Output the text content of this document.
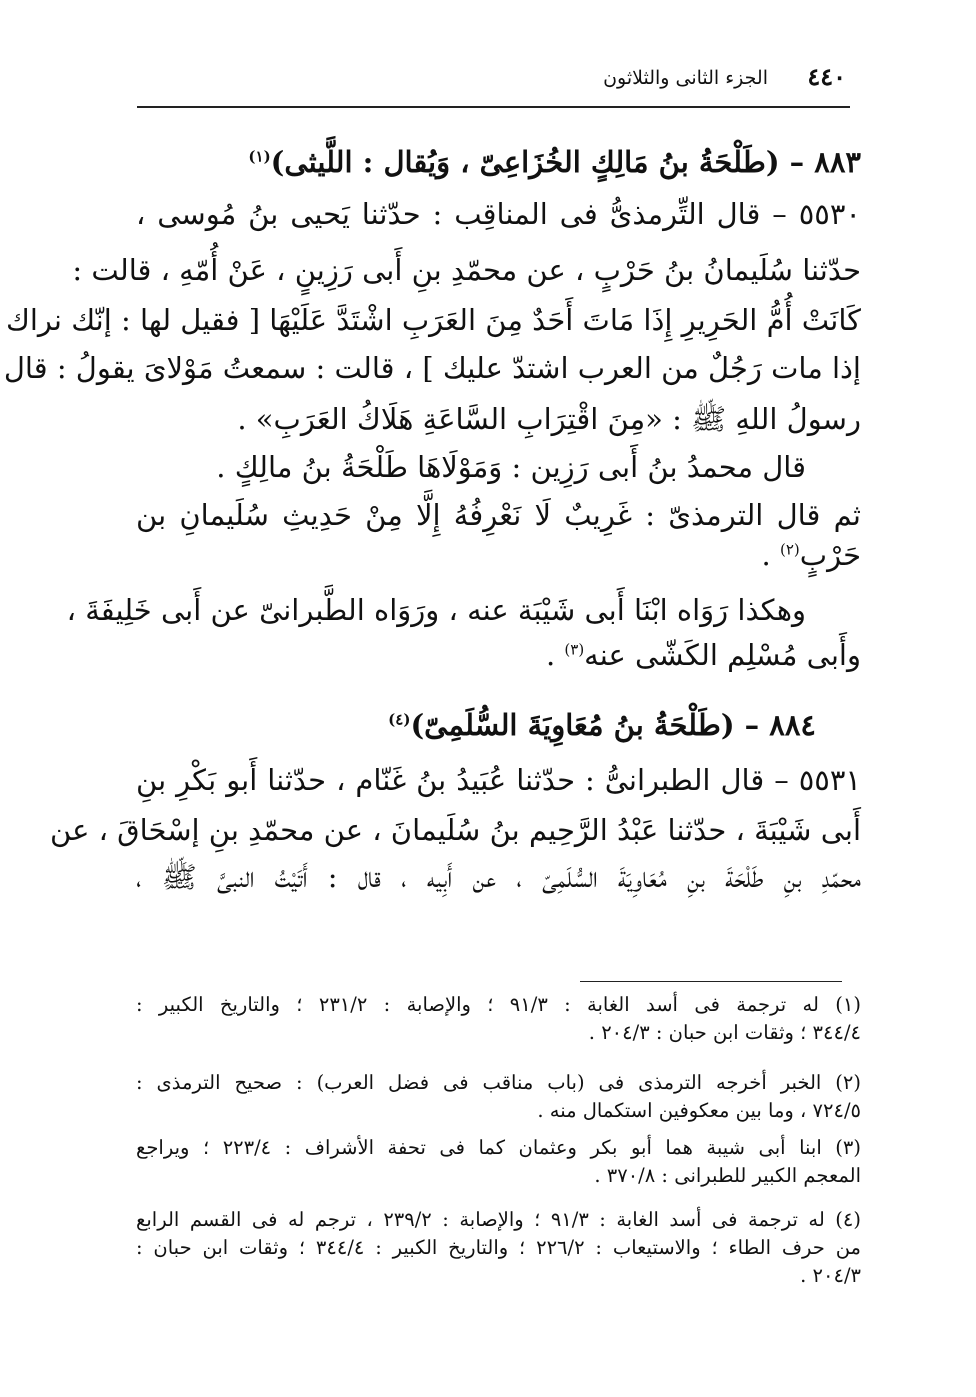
٤٤٠
الجزء الثانى والثلاثون
٨٨٣ – (طَلْحَةُ بنُ مَالِكٍ الخُزَاعِىّ ، وَيُقال : اللَّيثى)$^{(١)}$
٥٥٣٠ – قال التِّرمذىُّ فى المناقِب : حدّثنا يَحيى بنُ مُوسى ،
حدّثنا سُلَيمانُ بنُ حَرْبٍ ، عن محمّدِ بنِ أَبى رَزِينٍ ، عَنْ أُمّهِ ، قالت :
كَانَتْ أُمُّ الحَرِيرِ إِذَا مَاتَ أَحَدٌ مِنَ العَرَبِ اشْتَدَّ عَلَيْهَا [ فقيل لها : إنّك نراك
إذا مات رَجُلٌ من العرب اشتدّ عليك ] ، قالت : سمعتُ مَوْلاىَ يقولُ : قال
رسولُ اللهِ ﷺ : «مِنَ اقْتِرَابِ السَّاعَةِ هَلَاكُ العَرَبِ» .
قال محمدُ بنُ أَبى رَزِين : وَمَوْلَاهَا طَلْحَةُ بنُ مالِكٍ .
ثم قال الترمذىّ : غَرِيبٌ لَا نَعْرِفُهُ إِلَّا مِنْ حَدِيثِ سُلَيمانِ بن
حَرْبٍ$^{(٢)}$ .
وهكذا رَوَاه ابْنَا أَبى شَيْبَة عنه ، ورَوَاه الطَّبرانىّ عن أَبى خَلِيفَةَ ،
وأَبى مُسْلِم الكَشّى عنه$^{(٣)}$ .
٨٨٤ – (طَلْحَةُ بنُ مُعَاوِيَةَ السُّلَمِىّ)$^{(٤)}$
٥٥٣١ – قال الطبرانىُّ : حدّثنا عُبَيدُ بنُ غَنّام ، حدّثنا أَبو بَكْرِ بنِ
أَبى شَيْبَةَ ، حدّثنا عَبْدُ الرَّحِيم بنُ سُلَيمانَ ، عن محمّدِ بنِ إسْحَاقَ ، عن
محمّدِ بنِ طَلْحَةَ بنِ مُعَاوِيَةَ السُّلَمِىّ ، عن أَبِيه ، قال : أَتَيْتُ النبىَّ ﷺ ،
(١) له ترجمة فى أسد الغابة : ٩١/٣ ؛ والإصابة : ٢٣١/٢ ؛ والتاريخ الكبير :
٣٤٤/٤ ؛ وثقات ابن حبان : ٢٠٤/٣ .
(٢) الخبر أخرجه الترمذى فى (باب مناقب فى فضل العرب) : صحيح الترمذى :
٧٢٤/٥ ، وما بين معكوفين استكمال منه .
(٣) ابنا أبى شيبة هما أبو بكر وعثمان كما فى تحفة الأشراف : ٢٢٣/٤ ؛ ويراجع
المعجم الكبير للطبرانى : ٣٧٠/٨ .
(٤) له ترجمة فى أسد الغابة : ٩١/٣ ؛ والإصابة : ٢٣٩/٢ ، ترجم له فى القسم الرابع
من حرف الطاء ؛ والاستيعاب : ٢٢٦/٢ ؛ والتاريخ الكبير : ٣٤٤/٤ ؛ وثقات ابن حبان :
٢٠٤/٣ .
